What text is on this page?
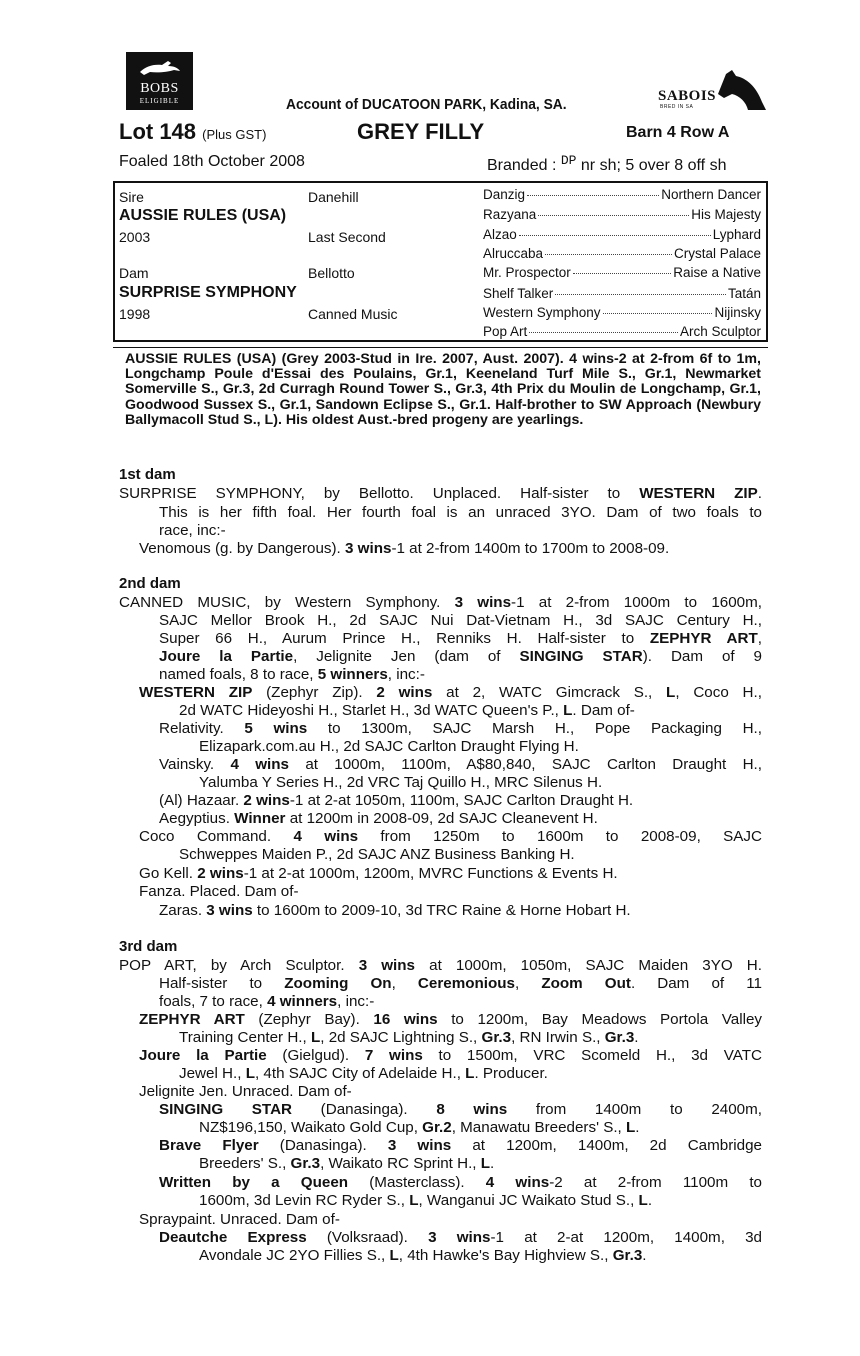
BOBS
ELIGIBLE	SABOIS
BRED IN SA
Account of DUCATOON PARK, Kadina, SA.
Lot 148 (Plus GST)	GREY FILLY	Barn 4 Row A
Foaled 18th October 2008	Branded : $^{DP}$ nr sh; 5 over 8 off sh
Sire
AUSSIE RULES (USA)
2003
Danehill
Last Second
Dam
SURPRISE SYMPHONY
1998
Bellotto
Canned Music
Danzig	Northern Dancer
Razyana	His Majesty
Alzao	Lyphard
Alruccaba	Crystal Palace
Mr. Prospector	Raise a Native
Shelf Talker	Tatán
Western Symphony	Nijinsky
Pop Art	Arch Sculptor
AUSSIE RULES (USA) (Grey 2003-Stud in Ire. 2007, Aust. 2007). 4 wins-2 at 2-from 6f to 1m, Longchamp Poule d'Essai des Poulains, Gr.1, Keeneland Turf Mile S., Gr.1, Newmarket Somerville S., Gr.3, 2d Curragh Round Tower S., Gr.3, 4th Prix du Moulin de Longchamp, Gr.1, Goodwood Sussex S., Gr.1, Sandown Eclipse S., Gr.1. Half-brother to SW Approach (Newbury Ballymacoll Stud S., L). His oldest Aust.-bred progeny are yearlings.
1st dam
2nd dam
3rd dam
SURPRISE SYMPHONY, by Bellotto. Unplaced. Half-sister to WESTERN ZIP.
This is her fifth foal. Her fourth foal is an unraced 3YO. Dam of two foals to
race, inc:-
Venomous (g. by Dangerous). 3 wins-1 at 2-from 1400m to 1700m to 2008-09.
CANNED MUSIC, by Western Symphony. 3 wins-1 at 2-from 1000m to 1600m,
SAJC Mellor Brook H., 2d SAJC Nui Dat-Vietnam H., 3d SAJC Century H.,
Super 66 H., Aurum Prince H., Renniks H. Half-sister to ZEPHYR ART,
Joure la Partie, Jelignite Jen (dam of SINGING STAR). Dam of 9
named foals, 8 to race, 5 winners, inc:-
WESTERN ZIP (Zephyr Zip). 2 wins at 2, WATC Gimcrack S., L, Coco H.,
2d WATC Hideyoshi H., Starlet H., 3d WATC Queen's P., L. Dam of-
Relativity. 5 wins to 1300m, SAJC Marsh H., Pope Packaging H.,
Elizapark.com.au H., 2d SAJC Carlton Draught Flying H.
Vainsky. 4 wins at 1000m, 1100m, A$80,840, SAJC Carlton Draught H.,
Yalumba Y Series H., 2d VRC Taj Quillo H., MRC Silenus H.
(Al) Hazaar. 2 wins-1 at 2-at 1050m, 1100m, SAJC Carlton Draught H.
Aegyptius. Winner at 1200m in 2008-09, 2d SAJC Cleanevent H.
Coco Command. 4 wins from 1250m to 1600m to 2008-09, SAJC
Schweppes Maiden P., 2d SAJC ANZ Business Banking H.
Go Kell. 2 wins-1 at 2-at 1000m, 1200m, MVRC Functions & Events H.
Fanza. Placed. Dam of-
Zaras. 3 wins to 1600m to 2009-10, 3d TRC Raine & Horne Hobart H.
POP ART, by Arch Sculptor. 3 wins at 1000m, 1050m, SAJC Maiden 3YO H.
Half-sister to Zooming On, Ceremonious, Zoom Out. Dam of 11
foals, 7 to race, 4 winners, inc:-
ZEPHYR ART (Zephyr Bay). 16 wins to 1200m, Bay Meadows Portola Valley
Training Center H., L, 2d SAJC Lightning S., Gr.3, RN Irwin S., Gr.3.
Joure la Partie (Gielgud). 7 wins to 1500m, VRC Scomeld H., 3d VATC
Jewel H., L, 4th SAJC City of Adelaide H., L. Producer.
Jelignite Jen. Unraced. Dam of-
SINGING STAR (Danasinga). 8 wins from 1400m to 2400m,
NZ$196,150, Waikato Gold Cup, Gr.2, Manawatu Breeders' S., L.
Brave Flyer (Danasinga). 3 wins at 1200m, 1400m, 2d Cambridge
Breeders' S., Gr.3, Waikato RC Sprint H., L.
Written by a Queen (Masterclass). 4 wins-2 at 2-from 1100m to
1600m, 3d Levin RC Ryder S., L, Wanganui JC Waikato Stud S., L.
Spraypaint. Unraced. Dam of-
Deautche Express (Volksraad). 3 wins-1 at 2-at 1200m, 1400m, 3d
Avondale JC 2YO Fillies S., L, 4th Hawke's Bay Highview S., Gr.3.
